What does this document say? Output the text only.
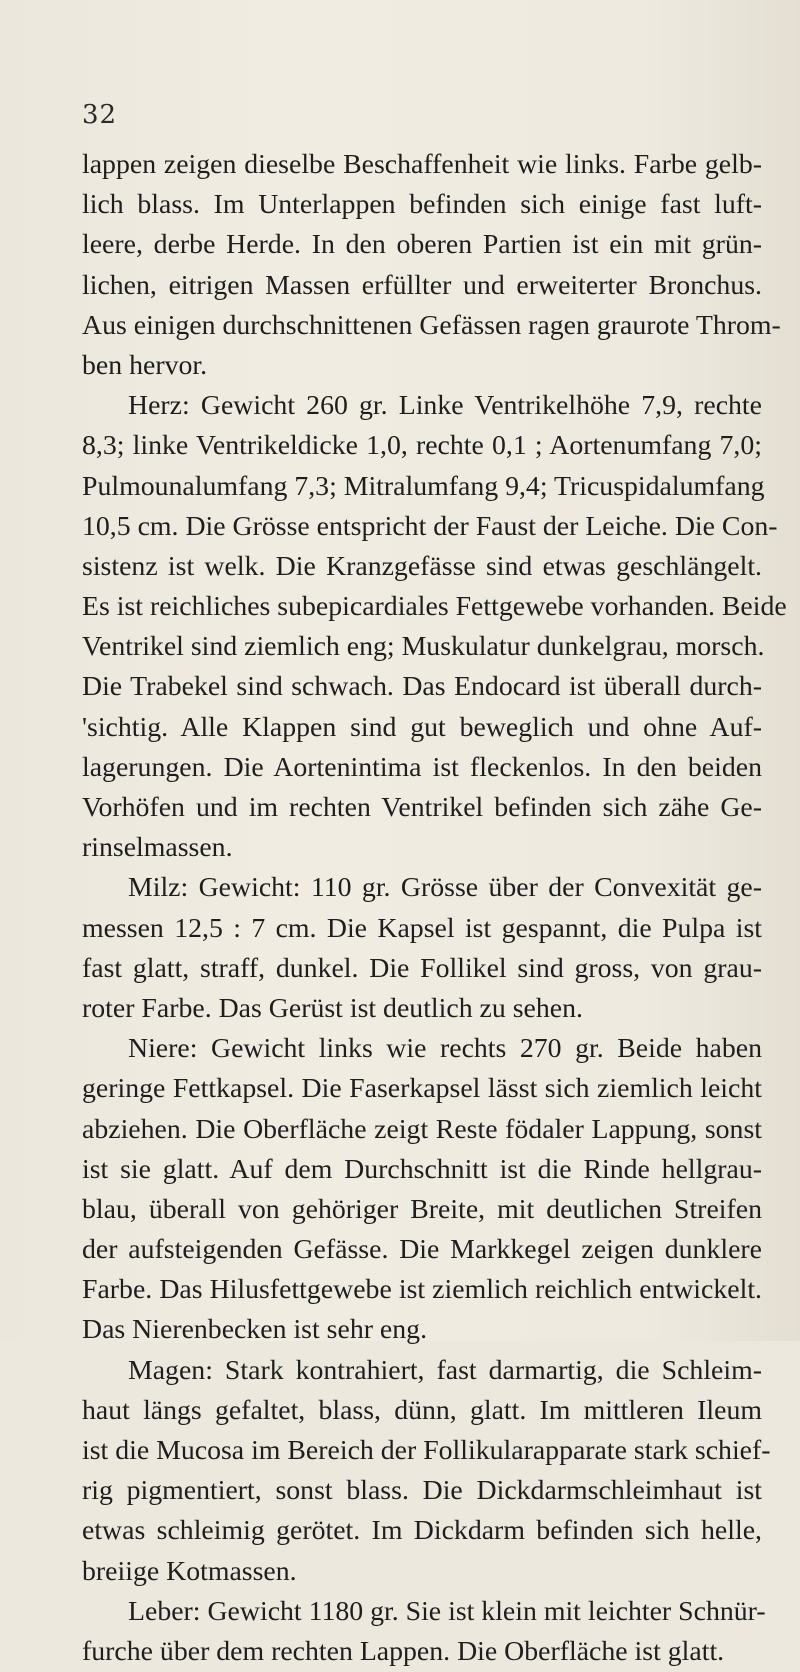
32
lappen zeigen dieselbe Beschaffenheit wie links. Farbe gelb-
lich blass. Im Unterlappen befinden sich einige fast luft-
leere, derbe Herde. In den oberen Partien ist ein mit grün-
lichen, eitrigen Massen erfüllter und erweiterter Bronchus.
Aus einigen durchschnittenen Gefässen ragen graurote Throm-
ben hervor.
Herz: Gewicht 260 gr. Linke Ventrikelhöhe 7,9, rechte
8,3; linke Ventrikeldicke 1,0, rechte 0,1 ; Aortenumfang 7,0;
Pulmounalumfang 7,3; Mitralumfang 9,4; Tricuspidalumfang
10,5 cm. Die Grösse entspricht der Faust der Leiche. Die Con-
sistenz ist welk. Die Kranzgefässe sind etwas geschlängelt.
Es ist reichliches subepicardiales Fettgewebe vorhanden. Beide
Ventrikel sind ziemlich eng; Muskulatur dunkelgrau, morsch.
Die Trabekel sind schwach. Das Endocard ist überall durch-
'sichtig. Alle Klappen sind gut beweglich und ohne Auf-
lagerungen. Die Aortenintima ist fleckenlos. In den beiden
Vorhöfen und im rechten Ventrikel befinden sich zähe Ge-
rinselmassen.
Milz: Gewicht: 110 gr. Grösse über der Convexität ge-
messen 12,5 : 7 cm. Die Kapsel ist gespannt, die Pulpa ist
fast glatt, straff, dunkel. Die Follikel sind gross, von grau-
roter Farbe. Das Gerüst ist deutlich zu sehen.
Niere: Gewicht links wie rechts 270 gr. Beide haben
geringe Fettkapsel. Die Faserkapsel lässt sich ziemlich leicht
abziehen. Die Oberfläche zeigt Reste födaler Lappung, sonst
ist sie glatt. Auf dem Durchschnitt ist die Rinde hellgrau-
blau, überall von gehöriger Breite, mit deutlichen Streifen
der aufsteigenden Gefässe. Die Markkegel zeigen dunklere
Farbe. Das Hilusfettgewebe ist ziemlich reichlich entwickelt.
Das Nierenbecken ist sehr eng.
Magen: Stark kontrahiert, fast darmartig, die Schleim-
haut längs gefaltet, blass, dünn, glatt. Im mittleren Ileum
ist die Mucosa im Bereich der Follikularapparate stark schief-
rig pigmentiert, sonst blass. Die Dickdarmschleimhaut ist
etwas schleimig gerötet. Im Dickdarm befinden sich helle,
breiige Kotmassen.
Leber: Gewicht 1180 gr. Sie ist klein mit leichter Schnür-
furche über dem rechten Lappen. Die Oberfläche ist glatt.
